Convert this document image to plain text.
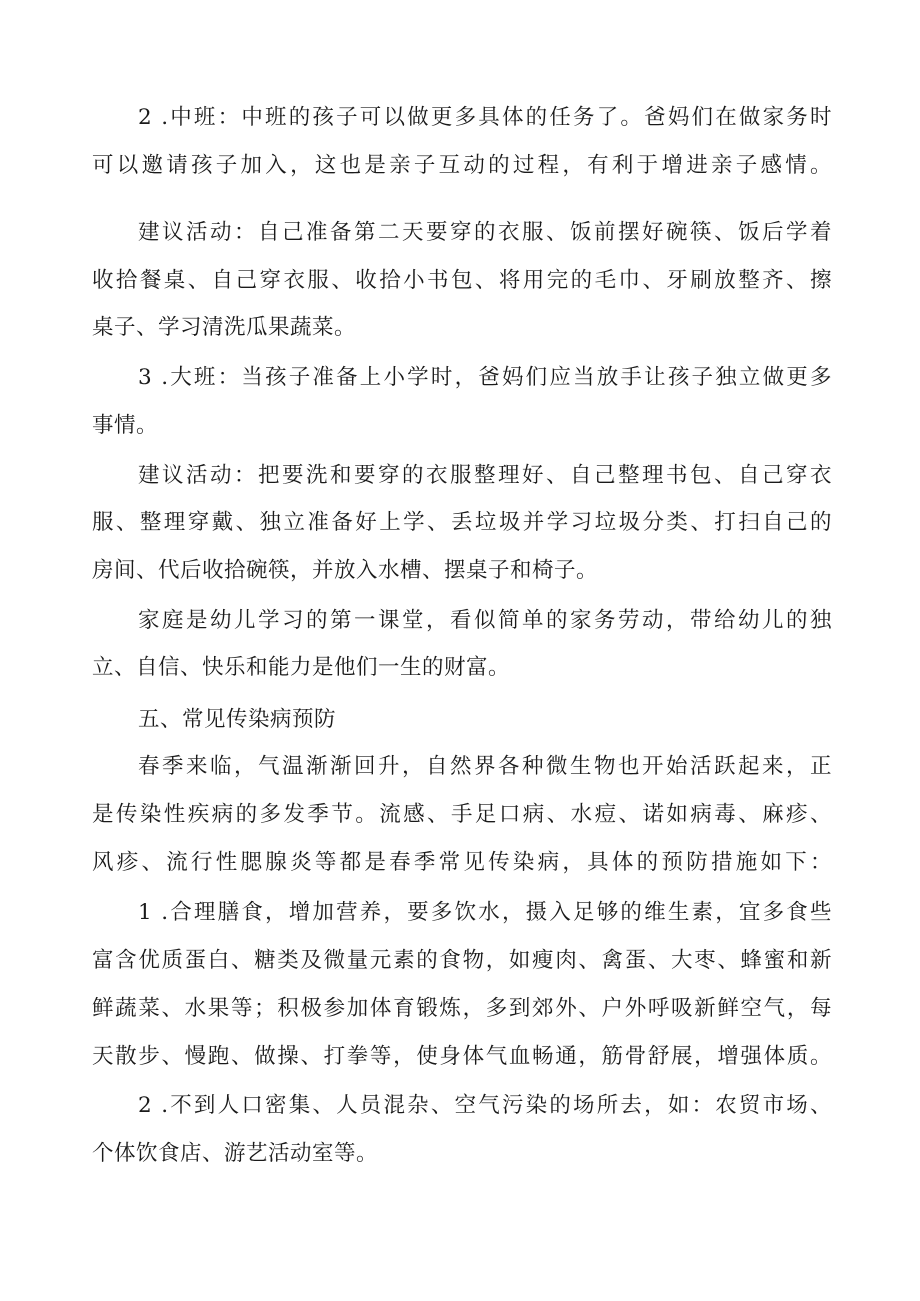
2 .中班：中班的孩子可以做更多具体的任务了。爸妈们在做家务时
可以邀请孩子加入，这也是亲子互动的过程，有利于增进亲子感情。
建议活动：自己准备第二天要穿的衣服、饭前摆好碗筷、饭后学着
收拾餐桌、自己穿衣服、收拾小书包、将用完的毛巾、牙刷放整齐、擦
桌子、学习清洗瓜果蔬菜。
3 .大班：当孩子准备上小学时，爸妈们应当放手让孩子独立做更多
事情。
建议活动：把要洗和要穿的衣服整理好、自己整理书包、自己穿衣
服、整理穿戴、独立准备好上学、丢垃圾并学习垃圾分类、打扫自己的
房间、代后收拾碗筷，并放入水槽、摆桌子和椅子。
家庭是幼儿学习的第一课堂，看似简单的家务劳动，带给幼儿的独
立、自信、快乐和能力是他们一生的财富。
五、常见传染病预防
春季来临，气温渐渐回升，自然界各种微生物也开始活跃起来，正
是传染性疾病的多发季节。流感、手足口病、水痘、诺如病毒、麻疹、
风疹、流行性腮腺炎等都是春季常见传染病，具体的预防措施如下：
1 .合理膳食，增加营养，要多饮水，摄入足够的维生素，宜多食些
富含优质蛋白、糖类及微量元素的食物，如瘦肉、禽蛋、大枣、蜂蜜和新
鲜蔬菜、水果等；积极参加体育锻炼，多到郊外、户外呼吸新鲜空气，每
天散步、慢跑、做操、打拳等，使身体气血畅通，筋骨舒展，增强体质。
2 .不到人口密集、人员混杂、空气污染的场所去，如：农贸市场、
个体饮食店、游艺活动室等。
